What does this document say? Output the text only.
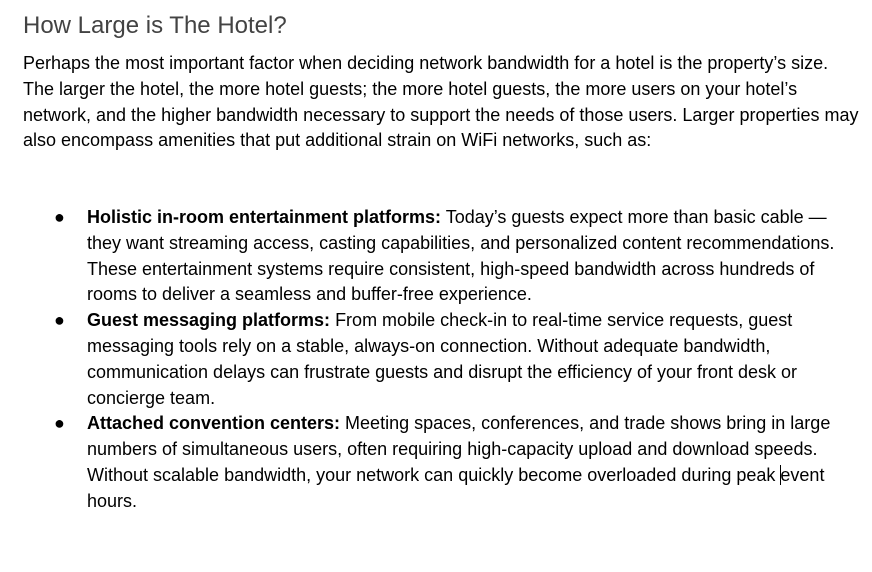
How Large is The Hotel?

Perhaps the most important factor when deciding network bandwidth for a hotel is the property’s size. The larger the hotel, the more hotel guests; the more hotel guests, the more users on your hotel’s network, and the higher bandwidth necessary to support the needs of those users. Larger properties may also encompass amenities that put additional strain on WiFi networks, such as:

● Holistic in-room entertainment platforms: Today’s guests expect more than basic cable — they want streaming access, casting capabilities, and personalized content recommendations. These entertainment systems require consistent, high-speed bandwidth across hundreds of rooms to deliver a seamless and buffer-free experience.
● Guest messaging platforms: From mobile check-in to real-time service requests, guest messaging tools rely on a stable, always-on connection. Without adequate bandwidth, communication delays can frustrate guests and disrupt the efficiency of your front desk or concierge team.
● Attached convention centers: Meeting spaces, conferences, and trade shows bring in large numbers of simultaneous users, often requiring high-capacity upload and download speeds. Without scalable bandwidth, your network can quickly become overloaded during peak event hours.
